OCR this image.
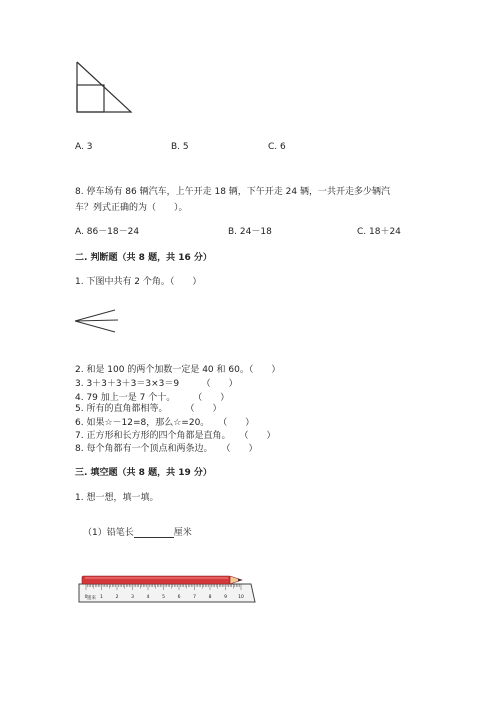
A. 3	B. 5	C. 6
8. 停车场有 86 辆汽车，上午开走 18 辆，下午开走 24 辆，一共开走多少辆汽
车？列式正确的为（　　）。
A. 86－18－24	B. 24－18	C. 18＋24
二. 判断题（共 8 题，共 16 分）
1. 下图中共有 2 个角。（　　）
2. 和是 100 的两个加数一定是 40 和 60。（　　）
3. 3＋3＋3＋3＝3×3＝9　　　（　　）
4. 79 加上一是 7 个十。　　　（　　）
5. 所有的直角都相等。　　　（　　）
6. 如果☆－12=8，那么☆=20。　　（　　）
7. 正方形和长方形的四个角都是直角。　　（　　）
8. 每个角都有一个顶点和两条边。　　（　　）
三. 填空题（共 8 题，共 19 分）
1. 想一想，填一填。
（1）铅笔长	厘米
遗来
0	1	2	3	4	5	6	7	8	9 10
